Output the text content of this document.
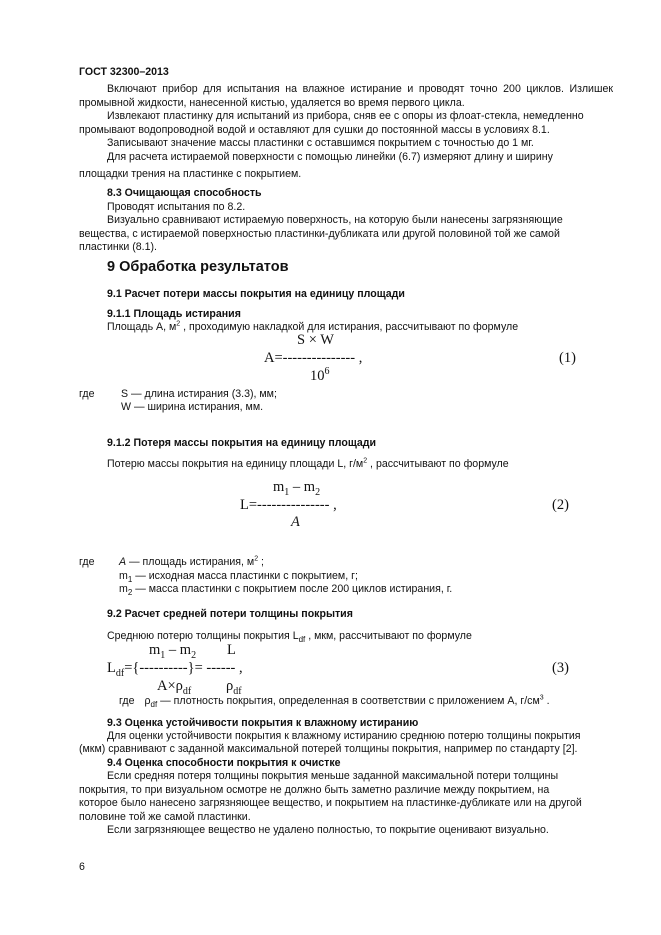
ГОСТ 32300–2013
Включают прибор для испытания на влажное истирание и проводят точно 200 циклов. Излишек
промывной жидкости, нанесенной кистью, удаляется во время первого цикла.
Извлекают пластинку для испытаний из прибора, сняв ее с опоры из флоат-стекла, немедленно
промывают водопроводной водой и оставляют для сушки до постоянной массы в условиях 8.1.
Записывают значение массы пластинки с оставшимся покрытием с точностью до 1 мг.
Для расчета истираемой поверхности с помощью линейки (6.7) измеряют длину и ширину
площадки трения на пластинке с покрытием.
8.3 Очищающая способность
Проводят испытания по 8.2.
Визуально сравнивают истираемую поверхность, на которую были нанесены загрязняющие
вещества, с истираемой поверхностью пластинки-дубликата или другой половиной той же самой
пластинки (8.1).
9 Обработка результатов
9.1 Расчет потери массы покрытия на единицу площади
9.1.1 Площадь истирания
Площадь А, $м^2$ , проходимую накладкой для истирания, рассчитывают по формуле
S × W
A=--------------- ,
$10^6$
(1)
где	S — длина истирания (3.3), мм;
W — ширина истирания, мм.
9.1.2 Потеря массы покрытия на единицу площади
Потерю массы покрытия на единицу площади L, $г/м^2$ , рассчитывают по формуле
$m_1 - m_2$
L=--------------- ,
A
(2)
где A — площадь истирания, $м^2$ ;
$m_1$ — исходная масса пластинки с покрытием, г;
$m_2$ — масса пластинки с покрытием после 200 циклов истирания, г.
9.2 Расчет средней потери толщины покрытия
Среднюю потерю толщины покрытия $L_{df}$ , мкм, рассчитывают по формуле
$m_1 - m_2$ L
$L_{df}=\{----------\}=$ ------ ,
$A\times\rho_{df}$ $\rho_{df}$
(3)
где $\rho_{df}$ — плотность покрытия, определенная в соответствии с приложением А, $г/см^3$ .
9.3 Оценка устойчивости покрытия к влажному истиранию
Для оценки устойчивости покрытия к влажному истиранию среднюю потерю толщины покрытия
(мкм) сравнивают с заданной максимальной потерей толщины покрытия, например по стандарту [2].
9.4 Оценка способности покрытия к очистке
Если средняя потеря толщины покрытия меньше заданной максимальной потери толщины
покрытия, то при визуальном осмотре не должно быть заметно различие между покрытием, на
которое было нанесено загрязняющее вещество, и покрытием на пластинке-дубликате или на другой
половине той же самой пластинки.
Если загрязняющее вещество не удалено полностью, то покрытие оценивают визуально.
6
